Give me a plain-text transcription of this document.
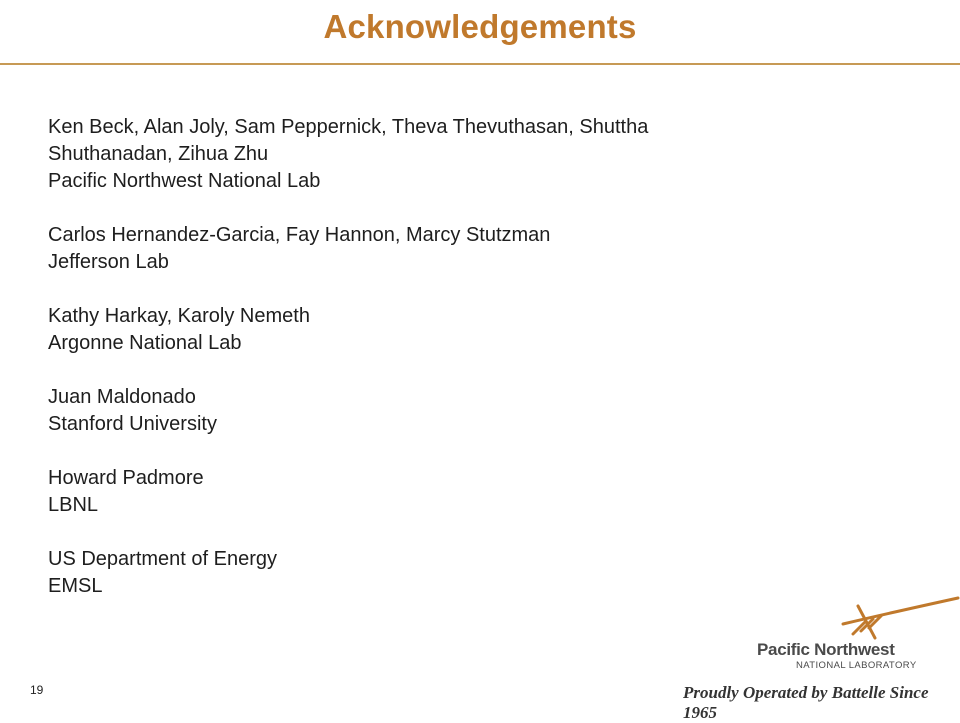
Acknowledgements
Ken Beck, Alan Joly, Sam Peppernick, Theva Thevuthasan, Shuttha
Shuthanadan, Zihua Zhu
Pacific Northwest National Lab
Carlos Hernandez-Garcia, Fay Hannon, Marcy Stutzman
Jefferson Lab
Kathy Harkay, Karoly Nemeth
Argonne National Lab
Juan Maldonado
Stanford University
Howard Padmore
LBNL
US Department of Energy
EMSL
19
Pacific Northwest
NATIONAL LABORATORY
Proudly Operated by Battelle Since 1965
